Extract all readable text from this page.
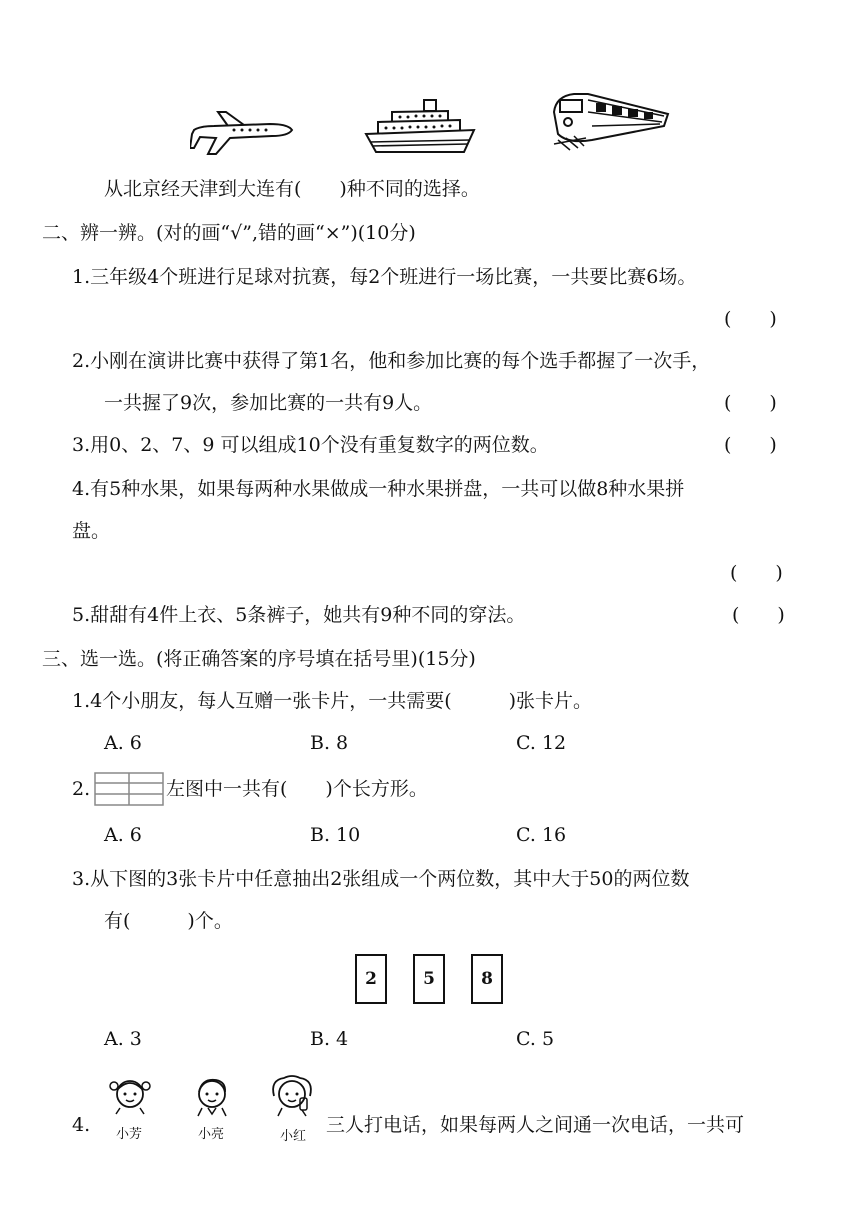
从北京经天津到大连有(　　)种不同的选择。
二、辨一辨。(对的画“√”,错的画“×”)(10分)
1.三年级4个班进行足球对抗赛，每2个班进行一场比赛，一共要比赛6场。
(　　)
2.小刚在演讲比赛中获得了第1名，他和参加比赛的每个选手都握了一次手，
一共握了9次，参加比赛的一共有9人。	(　　)
3.用0、2、7、9 可以组成10个没有重复数字的两位数。	(　　)
4.有5种水果，如果每两种水果做成一种水果拼盘，一共可以做8种水果拼
盘。
(　　)
5.甜甜有4件上衣、5条裤子，她共有9种不同的穿法。	(　　)
三、选一选。(将正确答案的序号填在括号里)(15分)
1.4个小朋友，每人互赠一张卡片，一共需要(　　　)张卡片。
A. 6	B. 8	C. 12
2.	左图中一共有(　　)个长方形。
A. 6	B. 10	C. 16
3.从下图的3张卡片中任意抽出2张组成一个两位数，其中大于50的两位数
有(　　　)个。
2	5	8
A. 3	B. 4	C. 5
4. 小芳	小亮	小红
三人打电话，如果每两人之间通一次电话，一共可
